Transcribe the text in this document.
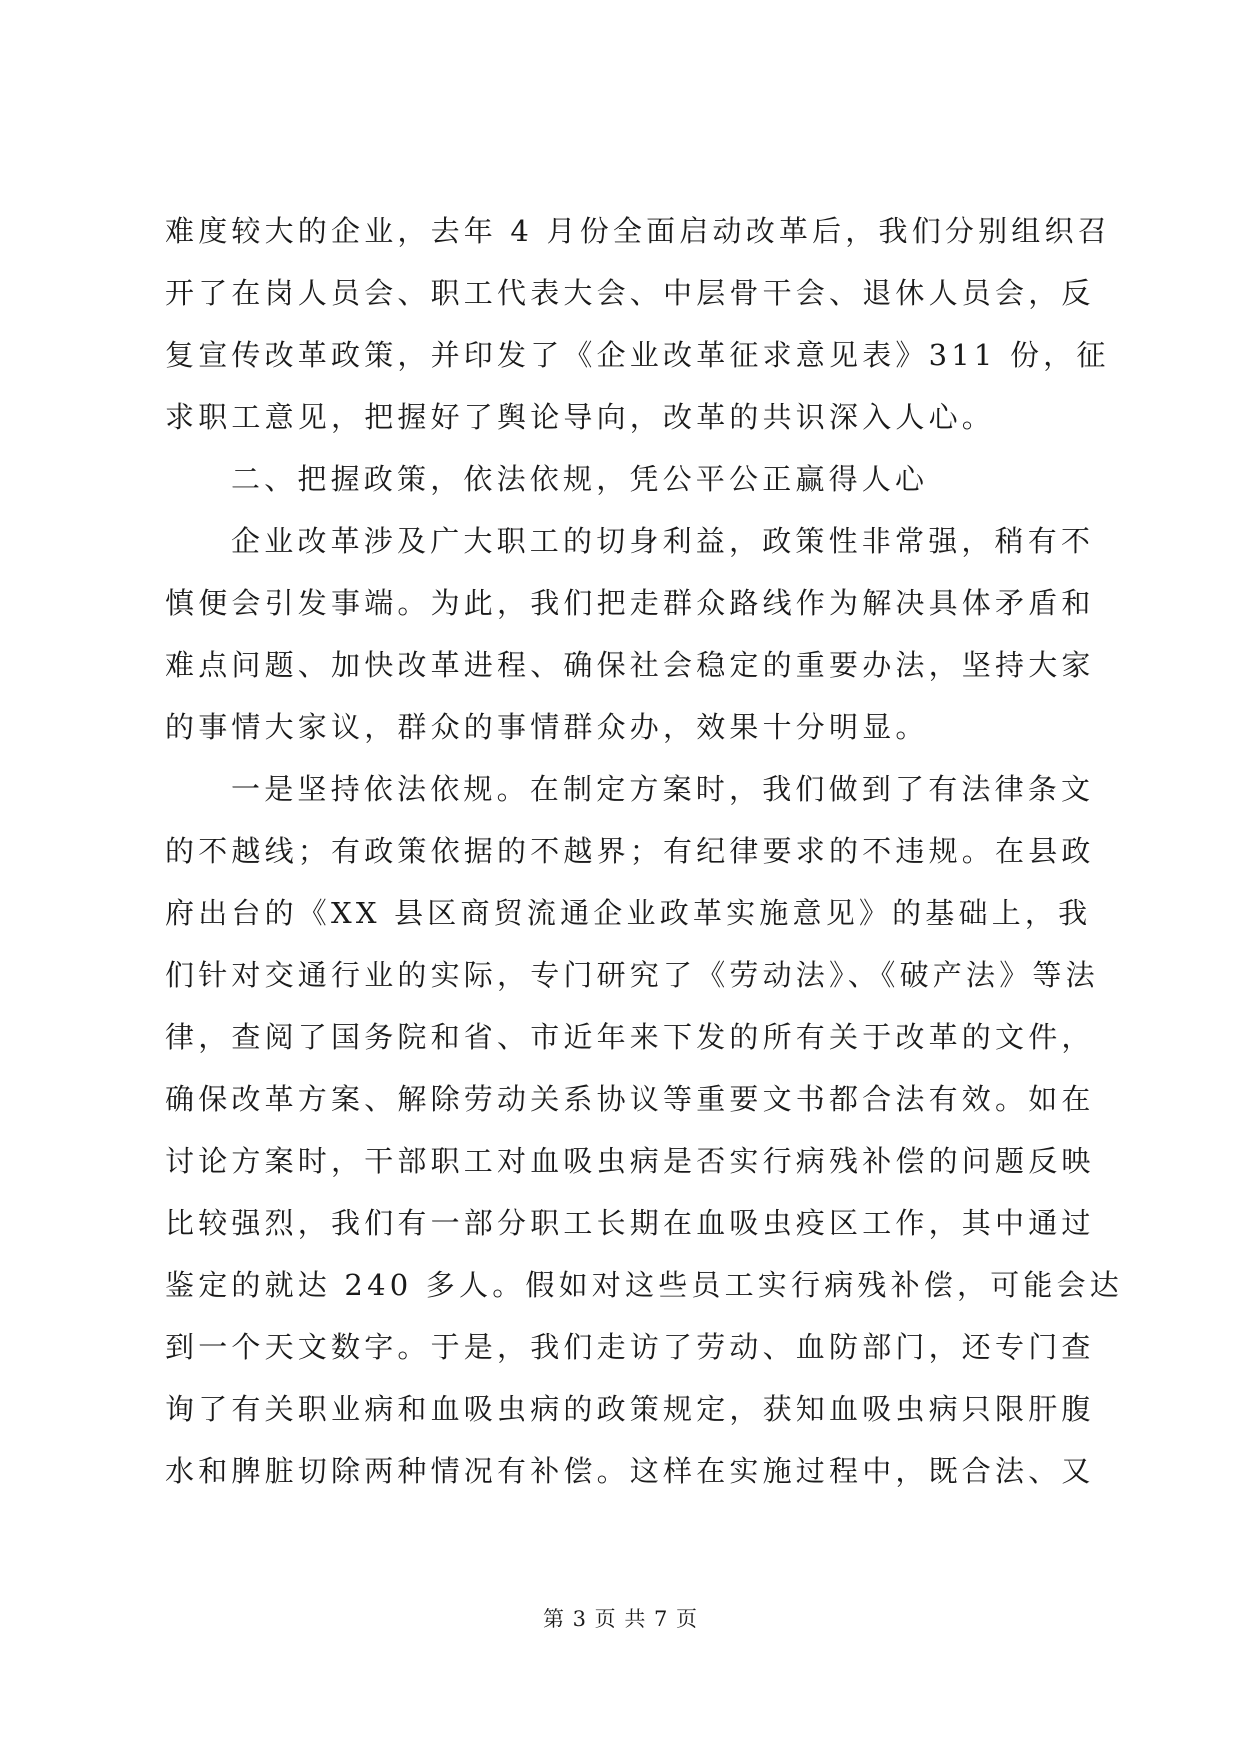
难度较大的企业，去年 4 月份全面启动改革后，我们分别组织召
开了在岗人员会、职工代表大会、中层骨干会、退休人员会，反
复宣传改革政策，并印发了《企业改革征求意见表》311 份，征
求职工意见，把握好了舆论导向，改革的共识深入人心。
二、把握政策，依法依规，凭公平公正赢得人心
企业改革涉及广大职工的切身利益，政策性非常强，稍有不
慎便会引发事端。为此，我们把走群众路线作为解决具体矛盾和
难点问题、加快改革进程、确保社会稳定的重要办法，坚持大家
的事情大家议，群众的事情群众办，效果十分明显。
一是坚持依法依规。在制定方案时，我们做到了有法律条文
的不越线；有政策依据的不越界；有纪律要求的不违规。在县政
府出台的《XX 县区商贸流通企业政革实施意见》的基础上，我
们针对交通行业的实际，专门研究了《劳动法》、《破产法》等法
律，查阅了国务院和省、市近年来下发的所有关于改革的文件，
确保改革方案、解除劳动关系协议等重要文书都合法有效。如在
讨论方案时，干部职工对血吸虫病是否实行病残补偿的问题反映
比较强烈，我们有一部分职工长期在血吸虫疫区工作，其中通过
鉴定的就达 240 多人。假如对这些员工实行病残补偿，可能会达
到一个天文数字。于是，我们走访了劳动、血防部门，还专门查
询了有关职业病和血吸虫病的政策规定，获知血吸虫病只限肝腹
水和脾脏切除两种情况有补偿。这样在实施过程中，既合法、又
第 3 页 共 7 页
